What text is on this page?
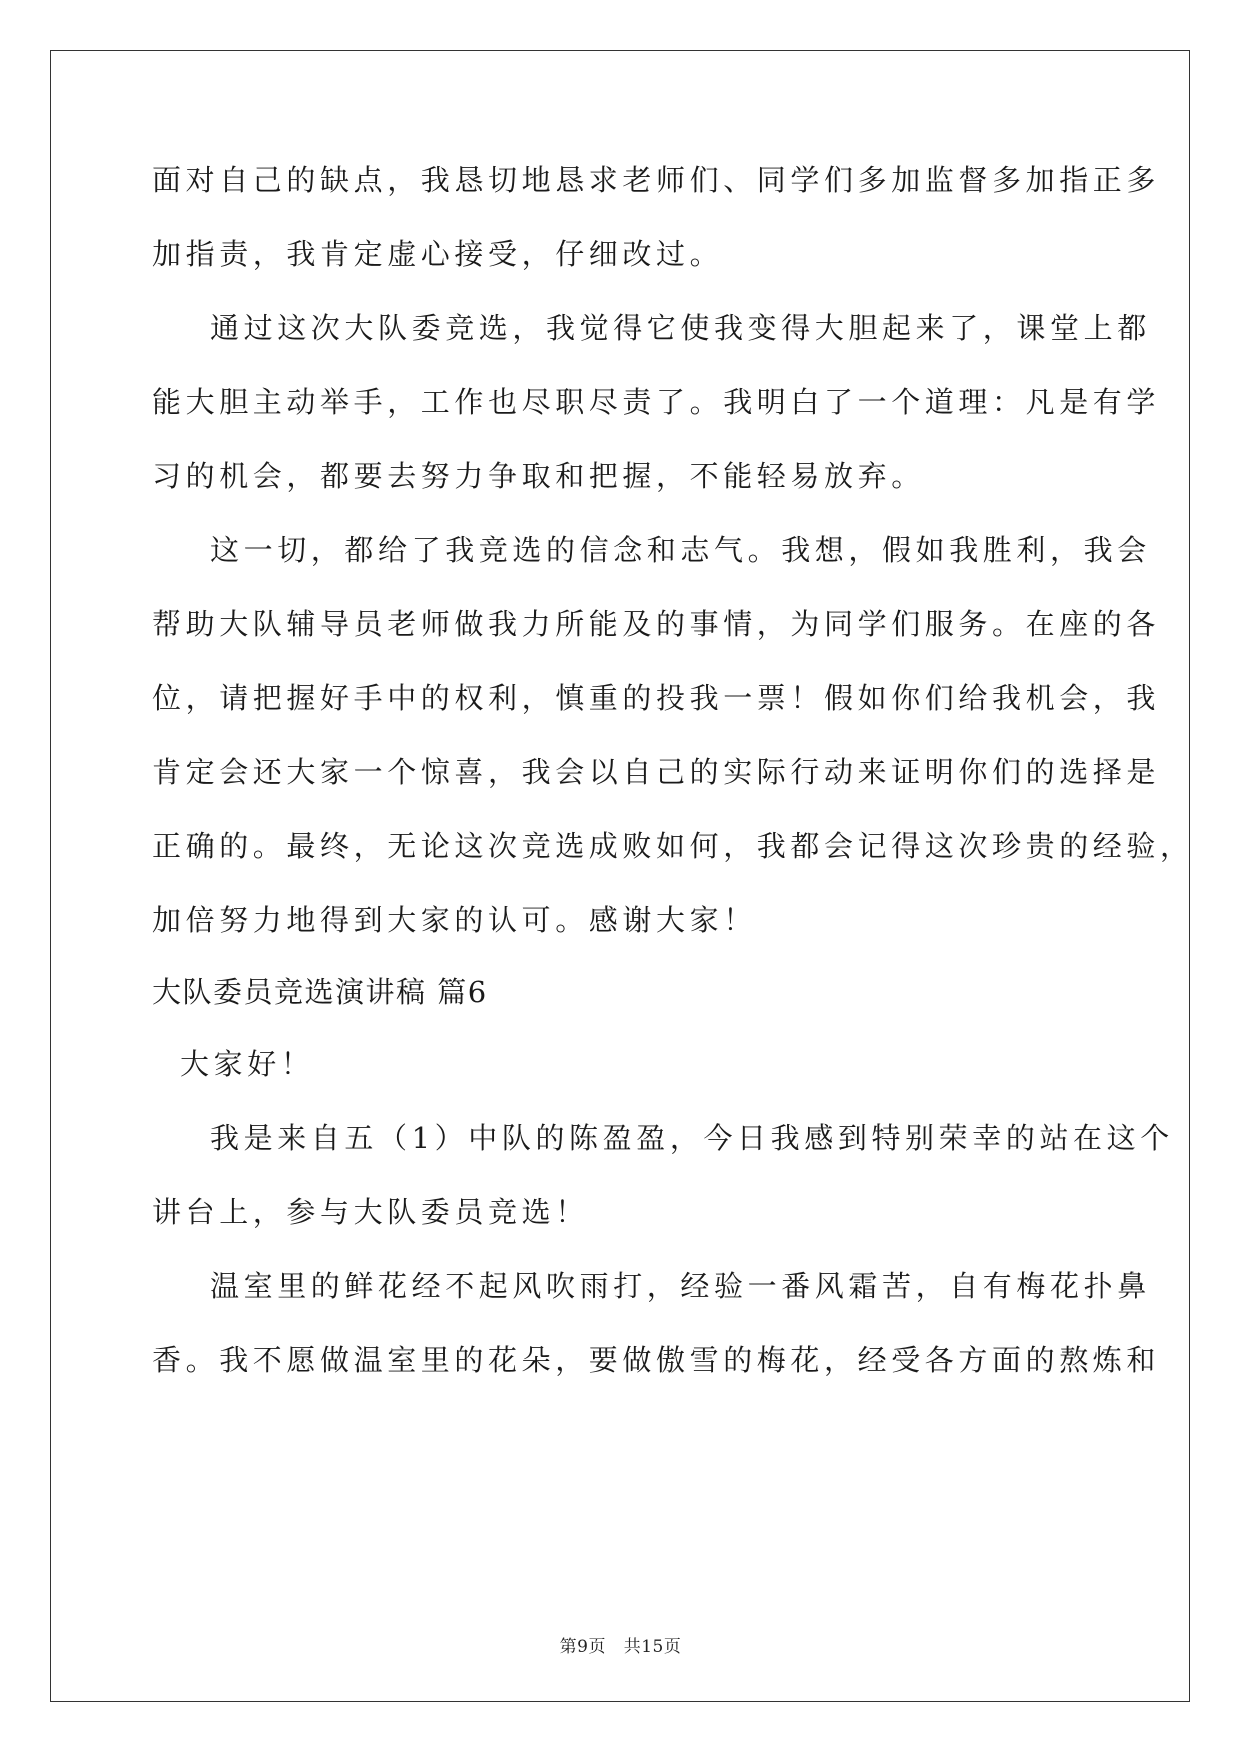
面对自己的缺点，我恳切地恳求老师们、同学们多加监督多加指正多
加指责，我肯定虚心接受，仔细改过。
通过这次大队委竞选，我觉得它使我变得大胆起来了，课堂上都
能大胆主动举手，工作也尽职尽责了。我明白了一个道理：凡是有学
习的机会，都要去努力争取和把握，不能轻易放弃。
这一切，都给了我竞选的信念和志气。我想，假如我胜利，我会
帮助大队辅导员老师做我力所能及的事情，为同学们服务。在座的各
位，请把握好手中的权利，慎重的投我一票！假如你们给我机会，我
肯定会还大家一个惊喜，我会以自己的实际行动来证明你们的选择是
正确的。最终，无论这次竞选成败如何，我都会记得这次珍贵的经验，
加倍努力地得到大家的认可。感谢大家！
大队委员竞选演讲稿 篇6
大家好！
我是来自五（1）中队的陈盈盈，今日我感到特别荣幸的站在这个
讲台上，参与大队委员竞选！
温室里的鲜花经不起风吹雨打，经验一番风霜苦，自有梅花扑鼻
香。我不愿做温室里的花朵，要做傲雪的梅花，经受各方面的熬炼和
第9页 共15页
